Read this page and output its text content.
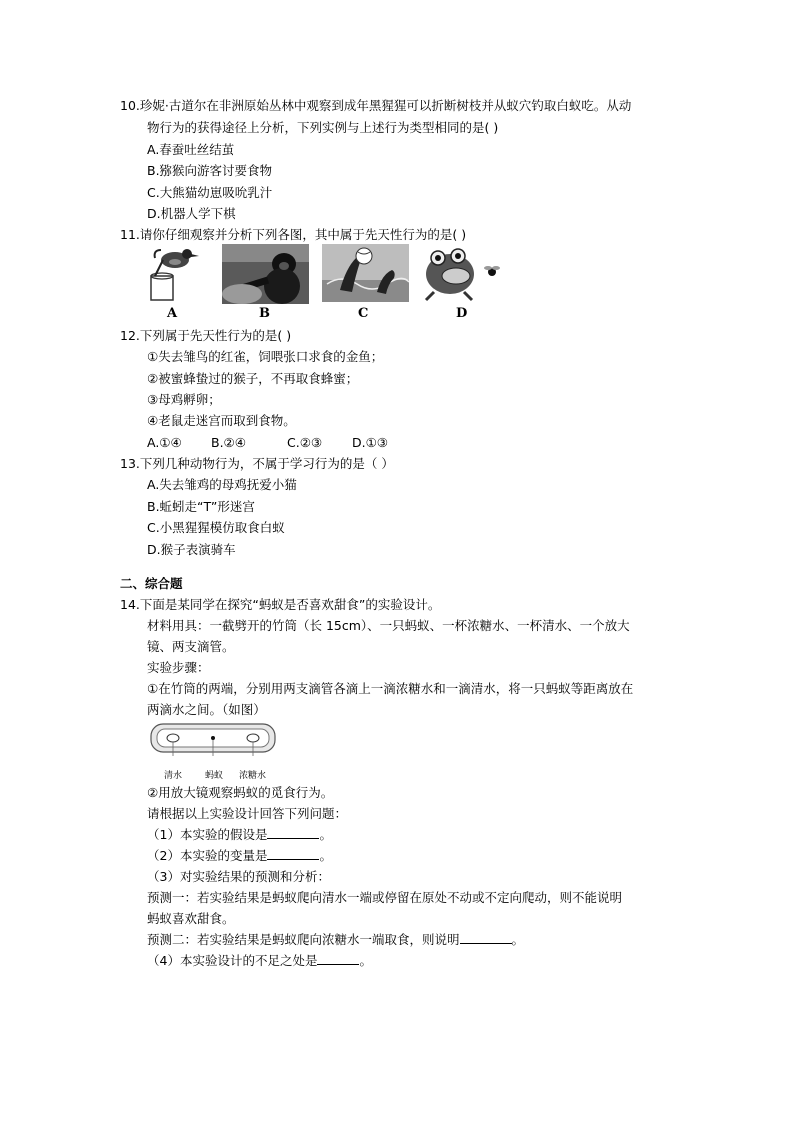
10.珍妮·古道尔在非洲原始丛林中观察到成年黑猩猩可以折断树枝并从蚁穴钓取白蚁吃。从动
物行为的获得途径上分析，下列实例与上述行为类型相同的是( )
A.春蚕吐丝结茧
B.猕猴向游客讨要食物
C.大熊猫幼崽吸吮乳汁
D.机器人学下棋
11.请你仔细观察并分析下列各图，其中属于先天性行为的是( )
A	B	C	D
12.下列属于先天性行为的是( )
①失去雏鸟的红雀，饲喂张口求食的金鱼；
②被蜜蜂蛰过的猴子，不再取食蜂蜜；
③母鸡孵卵；
④老鼠走迷宫而取到食物。
A.①④ B.②④	C.②③ D.①③
13.下列几种动物行为，不属于学习行为的是（ ）
A.失去雏鸡的母鸡抚爱小猫
B.蚯蚓走“T”形迷宫
C.小黑猩猩模仿取食白蚁
D.猴子表演骑车
二、综合题
14.下面是某同学在探究“蚂蚁是否喜欢甜食”的实验设计。
材料用具：一截劈开的竹筒（长 15cm）、一只蚂蚁、一杯浓糖水、一杯清水、一个放大
镜、两支滴管。
实验步骤：
①在竹筒的两端，分别用两支滴管各滴上一滴浓糖水和一滴清水，将一只蚂蚁等距离放在
两滴水之间。（如图）
清水	蚂蚁 浓糖水
②用放大镜观察蚂蚁的觅食行为。
请根据以上实验设计回答下列问题：
（1）本实验的假设是	。
（2）本实验的变量是	。
（3）对实验结果的预测和分析：
预测一：若实验结果是蚂蚁爬向清水一端或停留在原处不动或不定向爬动，则不能说明
蚂蚁喜欢甜食。
预测二：若实验结果是蚂蚁爬向浓糖水一端取食，则说明	。
（4）本实验设计的不足之处是	。
